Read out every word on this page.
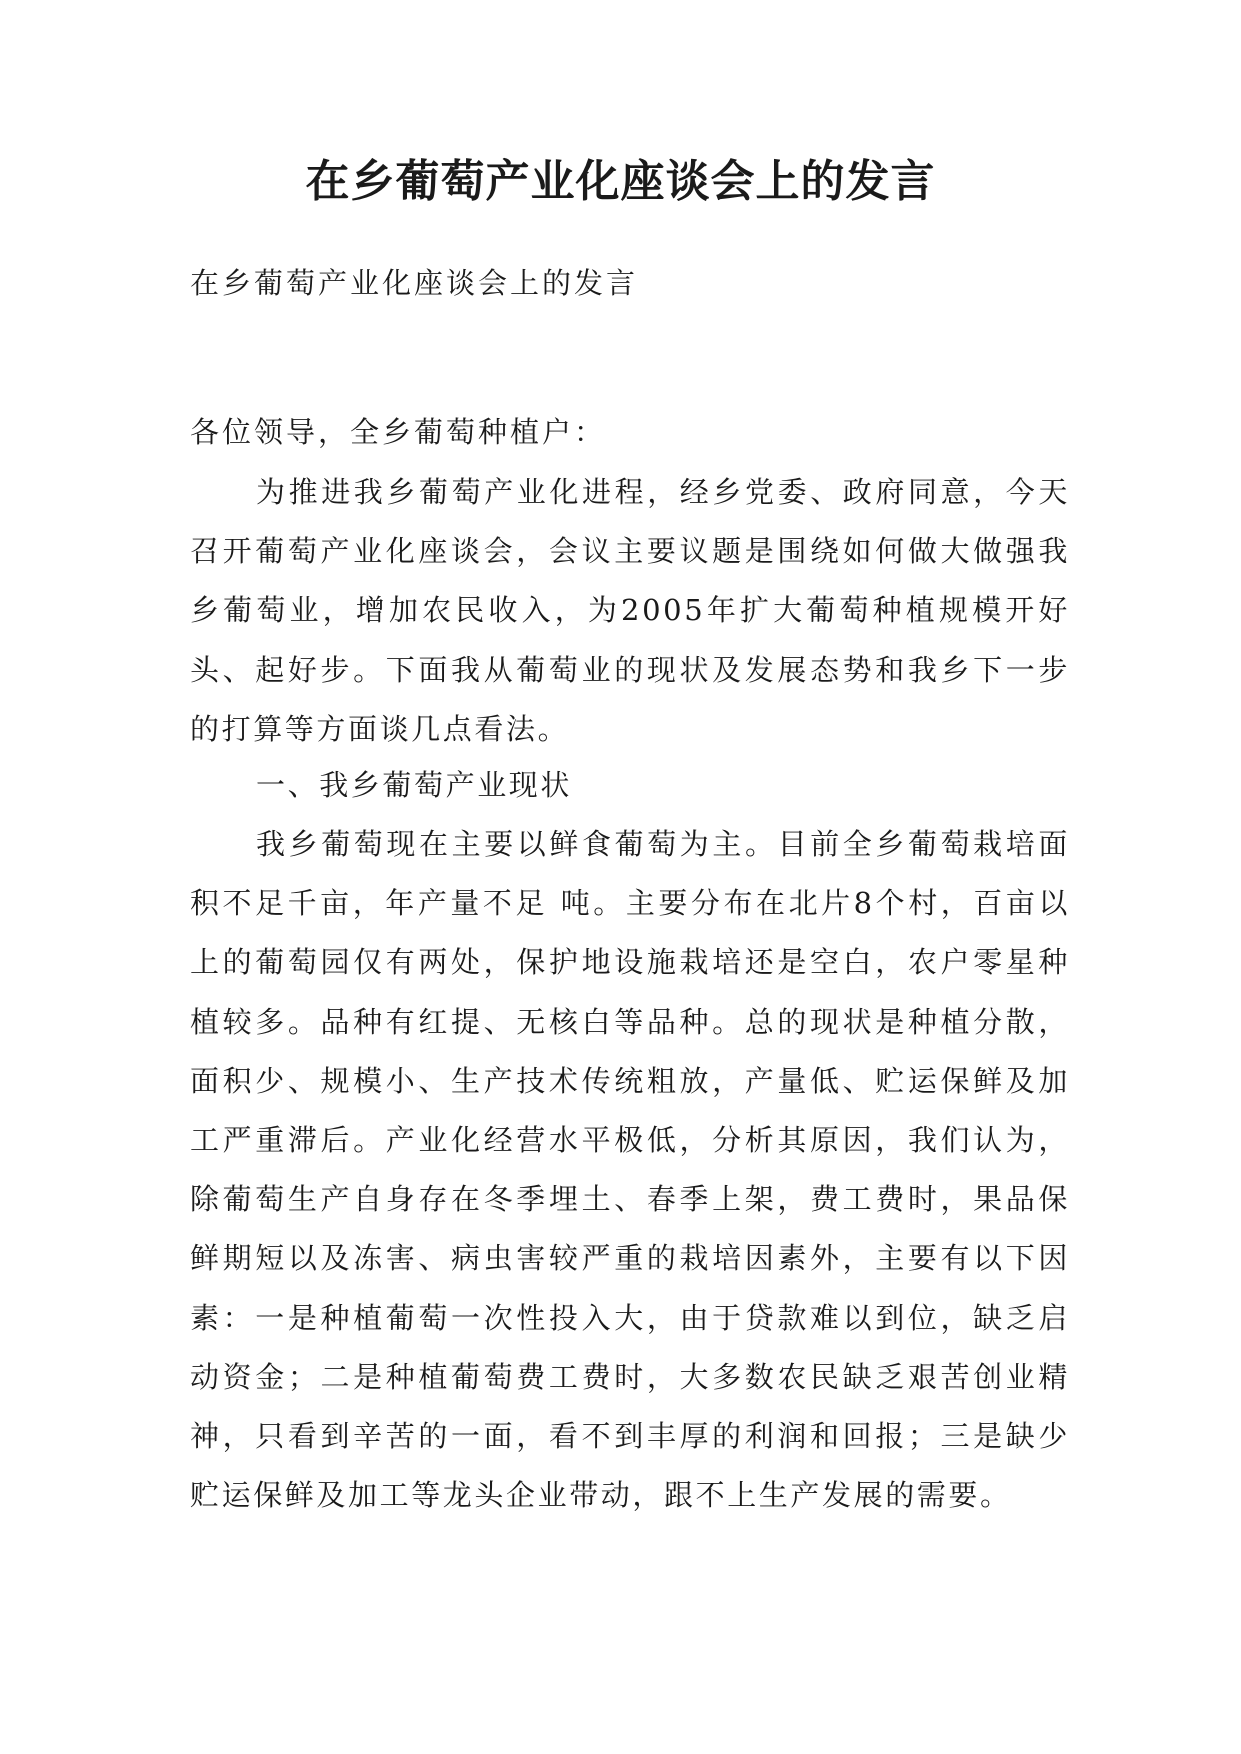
在乡葡萄产业化座谈会上的发言

在乡葡萄产业化座谈会上的发言

各位领导，全乡葡萄种植户：

为推进我乡葡萄产业化进程，经乡党委、政府同意，今天召开葡萄产业化座谈会，会议主要议题是围绕如何做大做强我乡葡萄业，增加农民收入，为2005年扩大葡萄种植规模开好头、起好步。下面我从葡萄业的现状及发展态势和我乡下一步的打算等方面谈几点看法。

一、我乡葡萄产业现状

我乡葡萄现在主要以鲜食葡萄为主。目前全乡葡萄栽培面积不足千亩，年产量不足 吨。主要分布在北片8个村，百亩以上的葡萄园仅有两处，保护地设施栽培还是空白，农户零星种植较多。品种有红提、无核白等品种。总的现状是种植分散，面积少、规模小、生产技术传统粗放，产量低、贮运保鲜及加工严重滞后。产业化经营水平极低，分析其原因，我们认为，除葡萄生产自身存在冬季埋土、春季上架，费工费时，果品保鲜期短以及冻害、病虫害较严重的栽培因素外，主要有以下因素：一是种植葡萄一次性投入大，由于贷款难以到位，缺乏启动资金；二是种植葡萄费工费时，大多数农民缺乏艰苦创业精神，只看到辛苦的一面，看不到丰厚的利润和回报；三是缺少贮运保鲜及加工等龙头企业带动，跟不上生产发展的需要。
